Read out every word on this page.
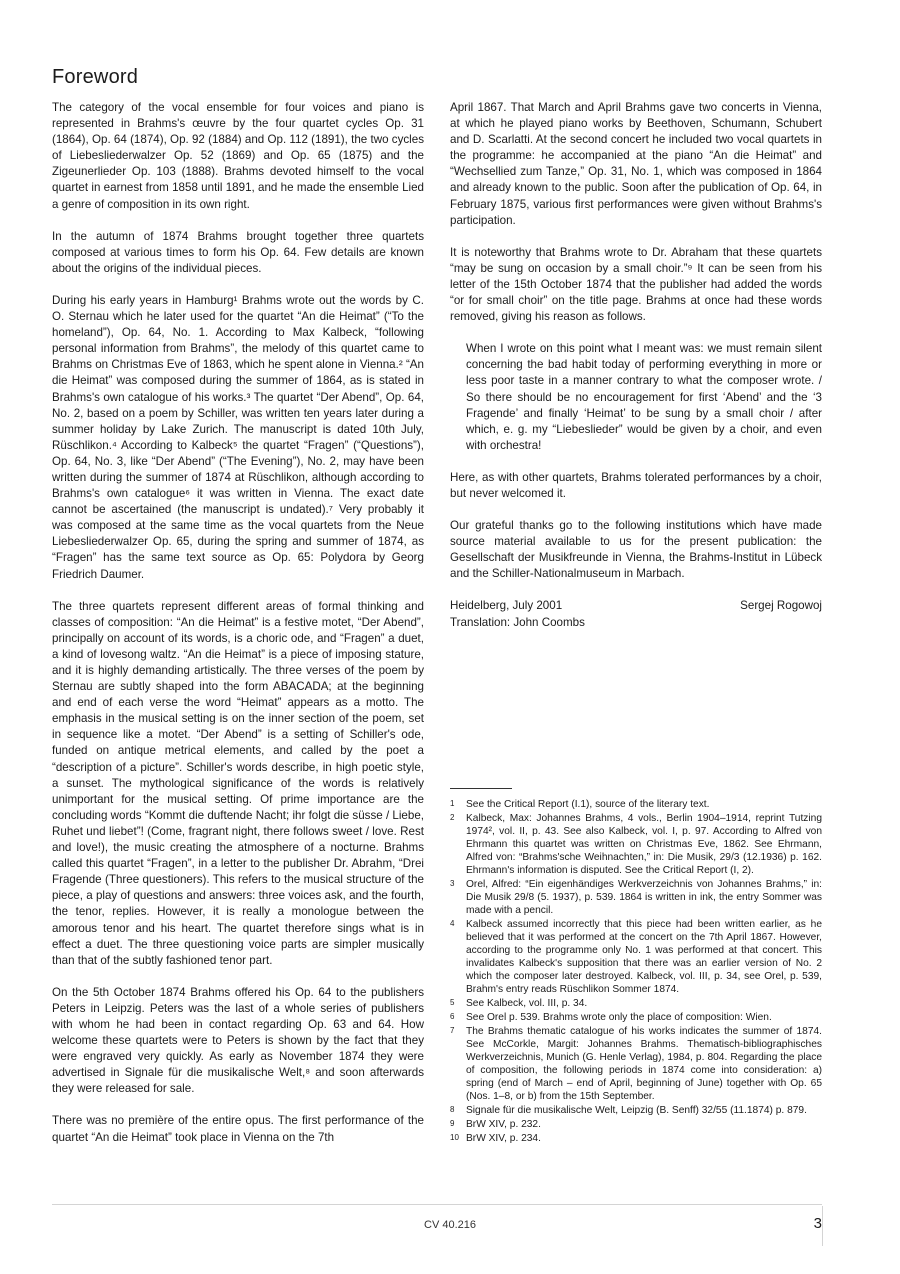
Foreword

The category of the vocal ensemble for four voices and piano is represented in Brahms's œuvre by the four quartet cycles Op. 31 (1864), Op. 64 (1874), Op. 92 (1884) and Op. 112 (1891), the two cycles of Liebesliederwalzer Op. 52 (1869) and Op. 65 (1875) and the Zigeunerlieder Op. 103 (1888). Brahms devoted himself to the vocal quartet in earnest from 1858 until 1891, and he made the ensemble Lied a genre of composition in its own right.

In the autumn of 1874 Brahms brought together three quartets composed at various times to form his Op. 64. Few details are known about the origins of the individual pieces.

During his early years in Hamburg¹ Brahms wrote out the words by C. O. Sternau which he later used for the quartet “An die Heimat” (“To the homeland”), Op. 64, No. 1. According to Max Kalbeck, “following personal information from Brahms”, the melody of this quartet came to Brahms on Christmas Eve of 1863, which he spent alone in Vienna.² “An die Heimat” was composed during the summer of 1864, as is stated in Brahms's own catalogue of his works.³ The quartet “Der Abend”, Op. 64, No. 2, based on a poem by Schiller, was written ten years later during a summer holiday by Lake Zurich. The manuscript is dated 10th July, Rüschlikon.⁴ According to Kalbeck⁵ the quartet “Fragen” (“Questions”), Op. 64, No. 3, like “Der Abend” (“The Evening”), No. 2, may have been written during the summer of 1874 at Rüschlikon, although according to Brahms's own catalogue⁶ it was written in Vienna. The exact date cannot be ascertained (the manuscript is undated).⁷ Very probably it was composed at the same time as the vocal quartets from the Neue Liebesliederwalzer Op. 65, during the spring and summer of 1874, as “Fragen” has the same text source as Op. 65: Polydora by Georg Friedrich Daumer.

The three quartets represent different areas of formal thinking and classes of composition: “An die Heimat” is a festive motet, “Der Abend”, principally on account of its words, is a choric ode, and “Fragen” a duet, a kind of lovesong waltz. “An die Heimat” is a piece of imposing stature, and it is highly demanding artistically. The three verses of the poem by Sternau are subtly shaped into the form ABACADA; at the beginning and end of each verse the word “Heimat” appears as a motto. The emphasis in the musical setting is on the inner section of the poem, set in sequence like a motet. “Der Abend” is a setting of Schiller's ode, funded on antique metrical elements, and called by the poet a “description of a picture”. Schiller's words describe, in high poetic style, a sunset. The mythological significance of the words is relatively unimportant for the musical setting. Of prime importance are the concluding words “Kommt die duftende Nacht; ihr folgt die süsse / Liebe, Ruhet und liebet”! (Come, fragrant night, there follows sweet / love. Rest and love!), the music creating the atmosphere of a nocturne. Brahms called this quartet “Fragen”, in a letter to the publisher Dr. Abrahm, “Drei Fragende (Three questioners). This refers to the musical structure of the piece, a play of questions and answers: three voices ask, and the fourth, the tenor, replies. However, it is really a monologue between the amorous tenor and his heart. The quartet therefore sings what is in effect a duet. The three questioning voice parts are simpler musically than that of the subtly fashioned tenor part.

On the 5th October 1874 Brahms offered his Op. 64 to the publishers Peters in Leipzig. Peters was the last of a whole series of publishers with whom he had been in contact regarding Op. 63 and 64. How welcome these quartets were to Peters is shown by the fact that they were engraved very quickly. As early as November 1874 they were advertised in Signale für die musikalische Welt,⁸ and soon afterwards they were released for sale.

There was no première of the entire opus. The first performance of the quartet “An die Heimat” took place in Vienna on the 7th

April 1867. That March and April Brahms gave two concerts in Vienna, at which he played piano works by Beethoven, Schumann, Schubert and D. Scarlatti. At the second concert he included two vocal quartets in the programme: he accompanied at the piano “An die Heimat” and “Wechsellied zum Tanze,” Op. 31, No. 1, which was composed in 1864 and already known to the public. Soon after the publication of Op. 64, in February 1875, various first performances were given without Brahms's participation.

It is noteworthy that Brahms wrote to Dr. Abraham that these quartets “may be sung on occasion by a small choir.”⁹ It can be seen from his letter of the 15th October 1874 that the publisher had added the words “or for small choir” on the title page. Brahms at once had these words removed, giving his reason as follows.

When I wrote on this point what I meant was: we must remain silent concerning the bad habit today of performing everything in more or less poor taste in a manner contrary to what the composer wrote. / So there should be no encouragement for first ‘Abend’ and the ‘3 Fragende’ and finally ‘Heimat’ to be sung by a small choir / after which, e. g. my “Liebeslieder” would be given by a choir, and even with orchestra!

Here, as with other quartets, Brahms tolerated performances by a choir, but never welcomed it.

Our grateful thanks go to the following institutions which have made source material available to us for the present publication: the Gesellschaft der Musikfreunde in Vienna, the Brahms-Institut in Lübeck and the Schiller-Nationalmuseum in Marbach.

Heidelberg, July 2001	Sergej Rogowoj
Translation: John Coombs
1	See the Critical Report (I.1), source of the literary text.
2	Kalbeck, Max: Johannes Brahms, 4 vols., Berlin 1904–1914, reprint Tutzing 1974², vol. II, p. 43. See also Kalbeck, vol. I, p. 97. According to Alfred von Ehrmann this quartet was written on Christmas Eve, 1862. See Ehrmann, Alfred von: “Brahms'sche Weihnachten,” in: Die Musik, 29/3 (12.1936) p. 162. Ehrmann's information is disputed. See the Critical Report (I, 2).
3	Orel, Alfred: “Ein eigenhändiges Werkverzeichnis von Johannes Brahms,” in: Die Musik 29/8 (5. 1937), p. 539. 1864 is written in ink, the entry Sommer was made with a pencil.
4	Kalbeck assumed incorrectly that this piece had been written earlier, as he believed that it was performed at the concert on the 7th April 1867. However, according to the programme only No. 1 was performed at that concert. This invalidates Kalbeck's supposition that there was an earlier version of No. 2 which the composer later destroyed. Kalbeck, vol. III, p. 34, see Orel, p. 539, Brahm's entry reads Rüschlikon Sommer 1874.
5	See Kalbeck, vol. III, p. 34.
6	See Orel p. 539. Brahms wrote only the place of composition: Wien.
7	The Brahms thematic catalogue of his works indicates the summer of 1874. See McCorkle, Margit: Johannes Brahms. Thematisch-bibliographisches Werkverzeichnis, Munich (G. Henle Verlag), 1984, p. 804. Regarding the place of composition, the following periods in 1874 come into consideration: a) spring (end of March – end of April, beginning of June) together with Op. 65 (Nos. 1–8, or b) from the 15th September.
8	Signale für die musikalische Welt, Leipzig (B. Senff) 32/55 (11.1874) p. 879.
9	BrW XIV, p. 232.
10 BrW XIV, p. 234.
CV 40.216	3
